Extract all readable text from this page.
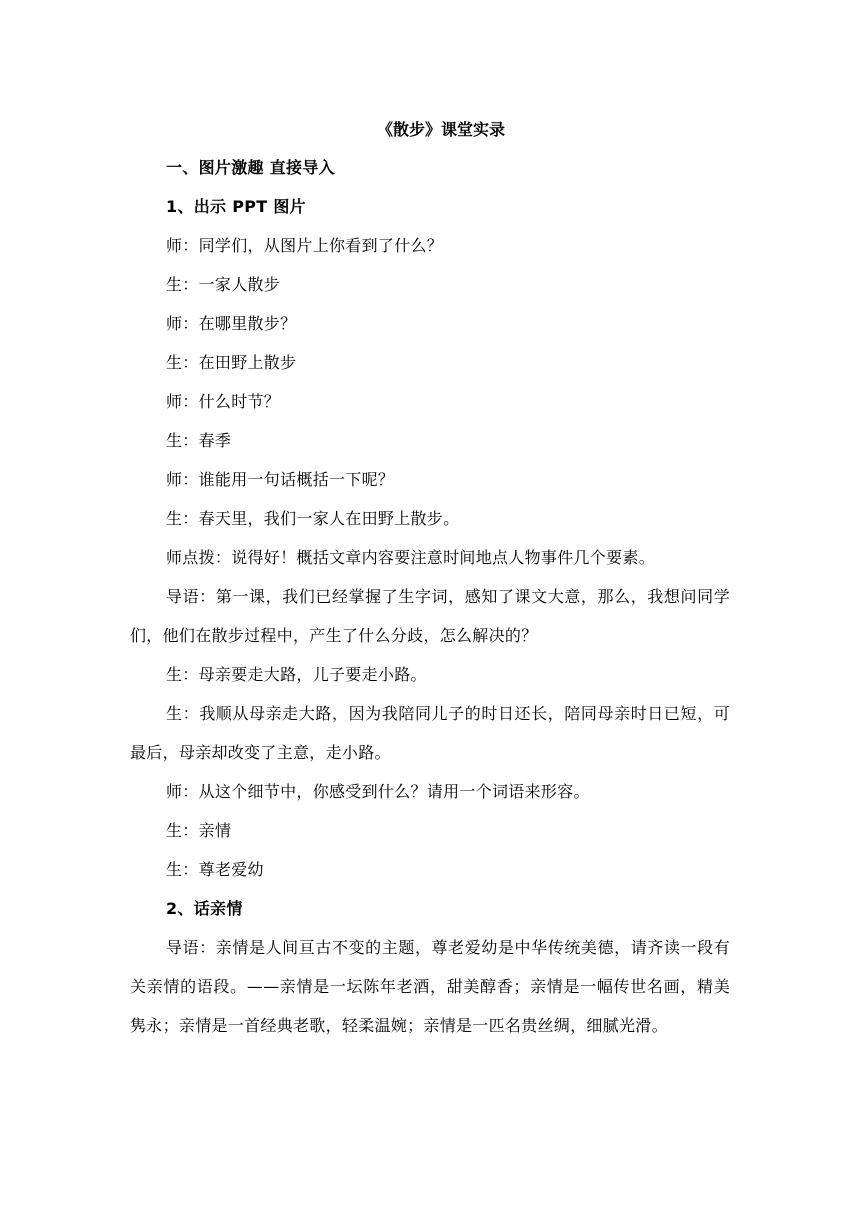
《散步》课堂实录

一、图片激趣 直接导入

1、出示 PPT 图片

师：同学们，从图片上你看到了什么？

生：一家人散步

师：在哪里散步？

生：在田野上散步

师：什么时节？

生：春季

师：谁能用一句话概括一下呢？

生：春天里，我们一家人在田野上散步。

师点拨：说得好！概括文章内容要注意时间地点人物事件几个要素。

导语：第一课，我们已经掌握了生字词，感知了课文大意，那么，我想问同学们，他们在散步过程中，产生了什么分歧，怎么解决的？

生：母亲要走大路，儿子要走小路。

生：我顺从母亲走大路，因为我陪同儿子的时日还长，陪同母亲时日已短，可最后，母亲却改变了主意，走小路。

师：从这个细节中，你感受到什么？请用一个词语来形容。

生：亲情

生：尊老爱幼

2、话亲情

导语：亲情是人间亘古不变的主题，尊老爱幼是中华传统美德，请齐读一段有关亲情的语段。——亲情是一坛陈年老酒，甜美醇香；亲情是一幅传世名画，精美隽永；亲情是一首经典老歌，轻柔温婉；亲情是一匹名贵丝绸，细腻光滑。
